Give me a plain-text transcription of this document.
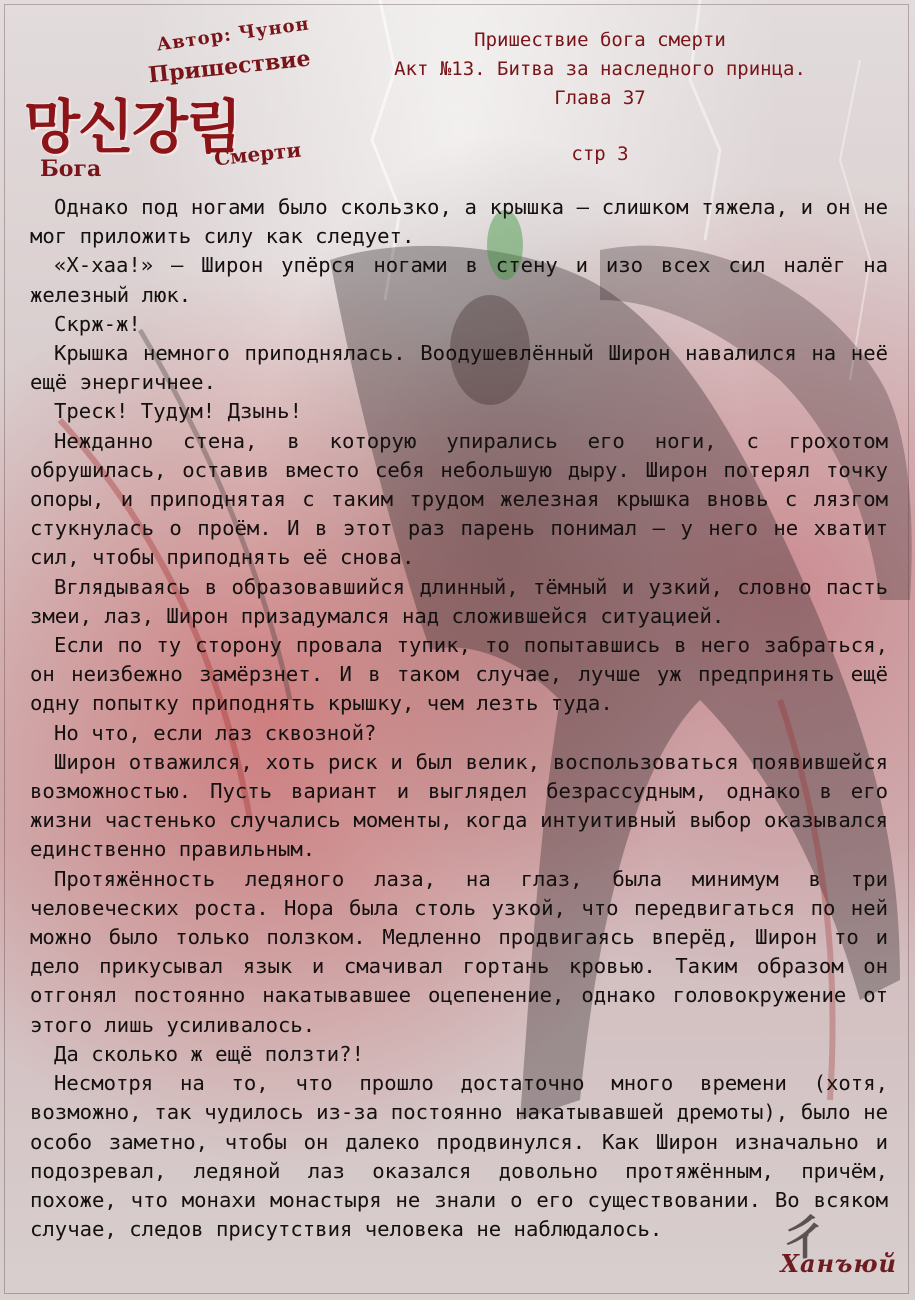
Автор: Чунон
Пришествие
망신강림
Бога	Смерти
Пришествие бога смерти
Акт №13. Битва за наследного принца.
Глава 37
стр 3

Однако под ногами было скользко, а крышка – слишком тяжела, и он не мог приложить силу как следует.

«Х-хаа!» – Широн упёрся ногами в стену и изо всех сил налёг на железный люк.

Скрж-ж!

Крышка немного приподнялась. Воодушевлённый Широн навалился на неё ещё энергичнее.

Треск! Тудум! Дзынь!

Нежданно стена, в которую упирались его ноги, с грохотом обрушилась, оставив вместо себя небольшую дыру. Широн потерял точку опоры, и приподнятая с таким трудом железная крышка вновь с лязгом стукнулась о проём. И в этот раз парень понимал – у него не хватит сил, чтобы приподнять её снова.

Вглядываясь в образовавшийся длинный, тёмный и узкий, словно пасть змеи, лаз, Широн призадумался над сложившейся ситуацией.

Если по ту сторону провала тупик, то попытавшись в него забраться, он неизбежно замёрзнет. И в таком случае, лучше уж предпринять ещё одну попытку приподнять крышку, чем лезть туда.

Но что, если лаз сквозной?

Широн отважился, хоть риск и был велик, воспользоваться появившейся возможностью. Пусть вариант и выглядел безрассудным, однако в его жизни частенько случались моменты, когда интуитивный выбор оказывался единственно правильным.

Протяжённость ледяного лаза, на глаз, была минимум в три человеческих роста. Нора была столь узкой, что передвигаться по ней можно было только ползком. Медленно продвигаясь вперёд, Широн то и дело прикусывал язык и смачивал гортань кровью. Таким образом он отгонял постоянно накатывавшее оцепенение, однако головокружение от этого лишь усиливалось.

Да сколько ж ещё ползти?!

Несмотря на то, что прошло достаточно много времени (хотя, возможно, так чудилось из-за постоянно накатывавшей дремоты), было не особо заметно, чтобы он далеко продвинулся. Как Широн изначально и подозревал, ледяной лаз оказался довольно протяжённым, причём, похоже, что монахи монастыря не знали о его существовании. Во всяком случае, следов присутствия человека не наблюдалось.	⼻
Ханъюй
